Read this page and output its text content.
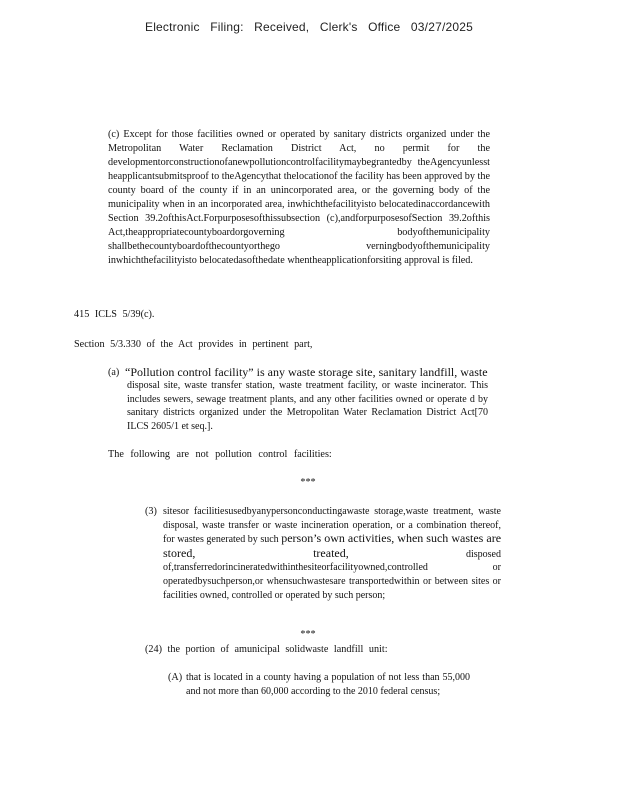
Electronic Filing: Received, Clerk's Office 03/27/2025
(c) Except for those facilities owned or operated by sanitary districts organized under the Metropolitan Water Reclamation District Act, no permit for the developmentorconstructionofanewpollutioncontrolfacilitymaybegrantedby theAgencyunlesst heapplicantsubmitsproof to theAgencythat thelocationof the facility has been approved by the county board of the county if in an unincorporated area, or the governing body of the municipality when in an incorporated area, inwhichthefacilityisto belocatedinaccordancewith Section 39.2ofthisAct.Forpurposesofthissubsection (c),andforpurposesofSection 39.2ofthis Act,theappropriatecountyboardorgoverning bodyofthemunicipality shallbethecountyboardofthecountyorthego verningbodyofthemunicipality inwhichthefacilityisto belocatedasofthedate whentheapplicationforsiting approval is filed.
415 ICLS 5/39(c).
Section 5/3.330 of the Act provides in pertinent part,
(a) “Pollution control facility” is any waste storage site, sanitary landfill, waste
disposal site, waste transfer station, waste treatment facility, or waste incinerator. This includes sewers, sewage treatment plants, and any other facilities owned or operate d by sanitary districts organized under the Metropolitan Water Reclamation District Act[70 ILCS 2605/1 et seq.].
The following are not pollution control facilities:
***
(3) sitesor facilitiesusedbyanypersonconductingawaste storage,waste treatment, waste disposal, waste transfer or waste incineration operation, or a combination thereof, for wastes generated by such person’s own activities, when such wastes are stored, treated,	disposed of,transferredorincineratedwithinthesiteorfacilityowned,controlled or operatedbysuchperson,or whensuchwastesare transportedwithin or between sites or facilities owned, controlled or operated by such person;
***
(24) the portion of amunicipal solidwaste landfill unit:
(A) that is located in a county having a population of not less than 55,000 and not more than 60,000 according to the 2010 federal census;
